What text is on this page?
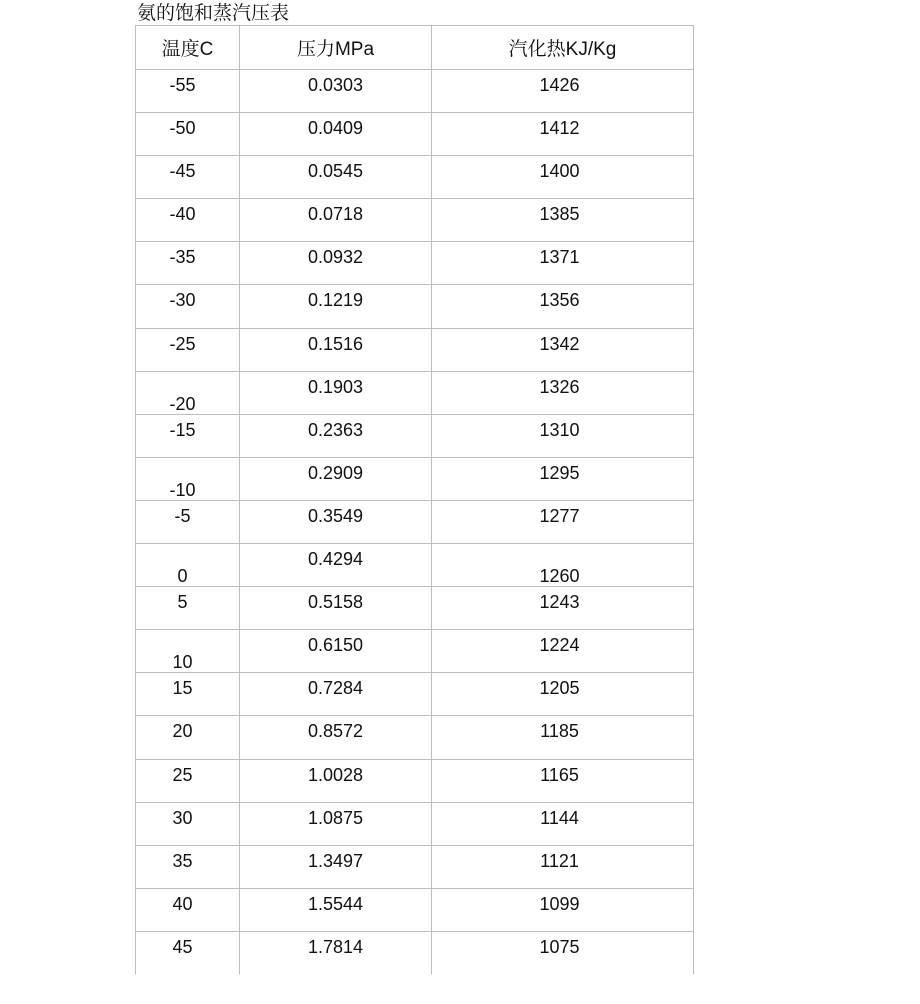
氨的饱和蒸汽压表
温度C	压力MPa	汽化热KJ/Kg

-55	0.0303	1426

-50	0.0409	1412

-45	0.0545	1400

-40	0.0718	1385

-35	0.0932	1371

-30	0.1219	1356

-25	0.1516	1342

-20	0.1903	1326

-15	0.2363	1310

-10	0.2909	1295

-5	0.3549	1277

0	0.4294	1260

5	0.5158	1243

10	0.6150	1224

15	0.7284	1205

20	0.8572	1185

25	1.0028	1165

30	1.0875	1144

35	1.3497	1121

40	1.5544	1099

45	1.7814	1075
